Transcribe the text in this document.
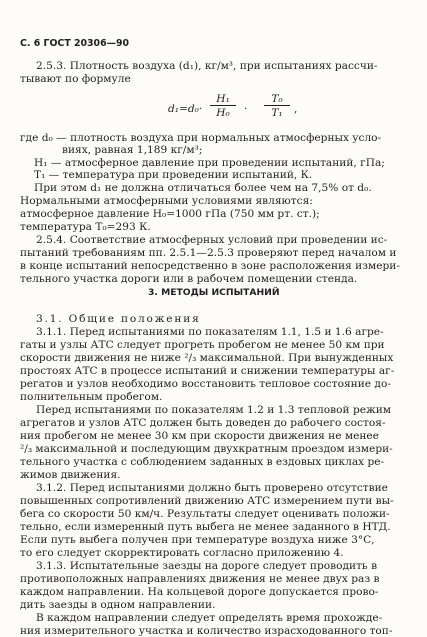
С. 6 ГОСТ 20306—90
$d_1=d_0\cdot \frac{\text{H₁}}{\text{H₀}} \cdot \frac{\text{T₀}}{\text{T₁}}$ ,
3. МЕТОДЫ ИСПЫТАНИЙ
2.5.3. Плотность воздуха (d₁), кг/м³, при испытаниях рассчи-
тывают по формуле
где d₀ — плотность воздуха при нормальных атмосферных усло-
виях, равная 1,189 кг/м³;
H₁ — атмосферное давление при проведении испытаний, гПа;
T₁ — температура при проведении испытаний, К.
При этом d₁ не должна отличаться более чем на 7,5% от d₀.
Нормальными атмосферными условиями являются:
атмосферное давление H₀=1000 гПа (750 мм рт. ст.);
температура T₀=293 К.
2.5.4. Соответствие атмосферных условий при проведении ис-
пытаний требованиям пп. 2.5.1—2.5.3 проверяют перед началом и
в конце испытаний непосредственно в зоне расположения измери-
тельного участка дороги или в рабочем помещении стенда.
3.1. Общие положения
3.1.1. Перед испытаниями по показателям 1.1, 1.5 и 1.6 агре-
гаты и узлы АТС следует прогреть пробегом не менее 50 км при
скорости движения не ниже ²/₃ максимальной. При вынужденных
простоях АТС в процессе испытаний и снижении температуры аг-
регатов и узлов необходимо восстановить тепловое состояние до-
полнительным пробегом.
Перед испытаниями по показателям 1.2 и 1.3 тепловой режим
агрегатов и узлов АТС должен быть доведен до рабочего состоя-
ния пробегом не менее 30 км при скорости движения не менее
²/₃ максимальной и последующим двухкратным проездом измери-
тельного участка с соблюдением заданных в ездовых циклах ре-
жимов движения.
3.1.2. Перед испытаниями должно быть проверено отсутствие
повышенных сопротивлений движению АТС измерением пути вы-
бега со скорости 50 км/ч. Результаты следует оценивать положи-
тельно, если измеренный путь выбега не менее заданного в НТД.
Если путь выбега получен при температуре воздуха ниже 3°С,
то его следует скорректировать согласно приложению 4.
3.1.3. Испытательные заезды на дороге следует проводить в
противоположных направлениях движения не менее двух раз в
каждом направлении. На кольцевой дороге допускается прово-
дить заезды в одном направлении.
В каждом направлении следует определять время прохожде-
ния измерительного участка и количество израсходованного топ-
